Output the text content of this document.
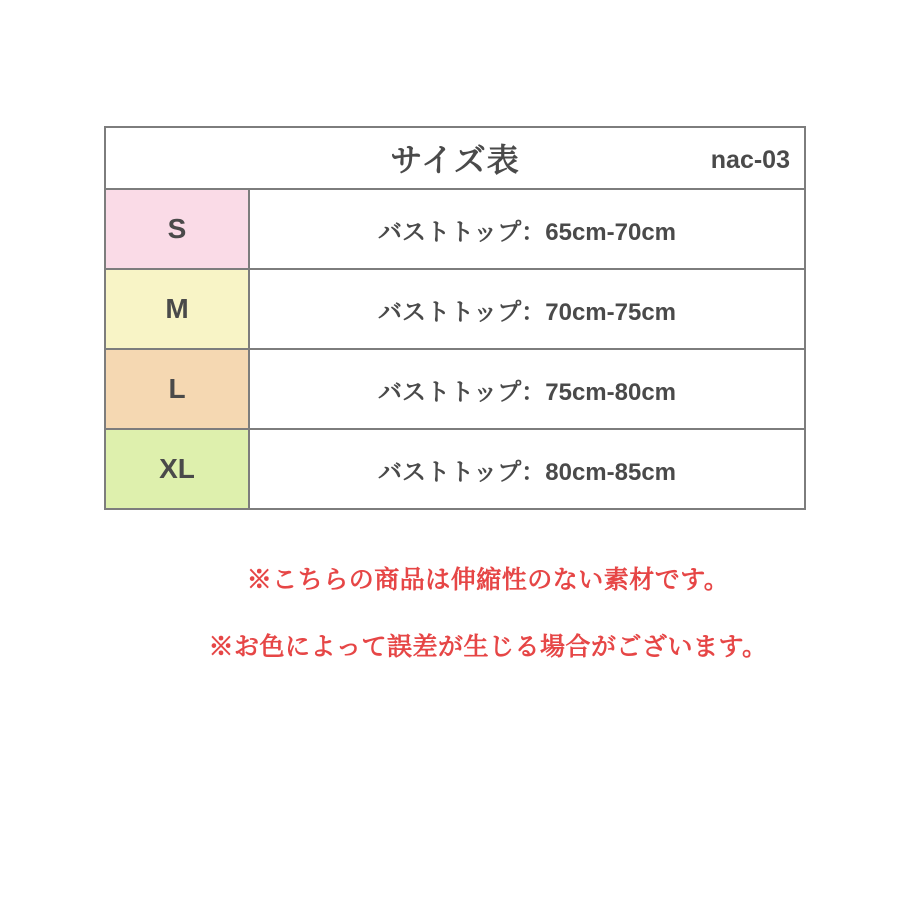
サイズ表	nac-03
S	バストトップ：65cm-70cm
M	バストトップ：70cm-75cm
L	バストトップ：75cm-80cm
XL	バストトップ：80cm-85cm
※こちらの商品は伸縮性のない素材です。
※お色によって誤差が生じる場合がございます。
